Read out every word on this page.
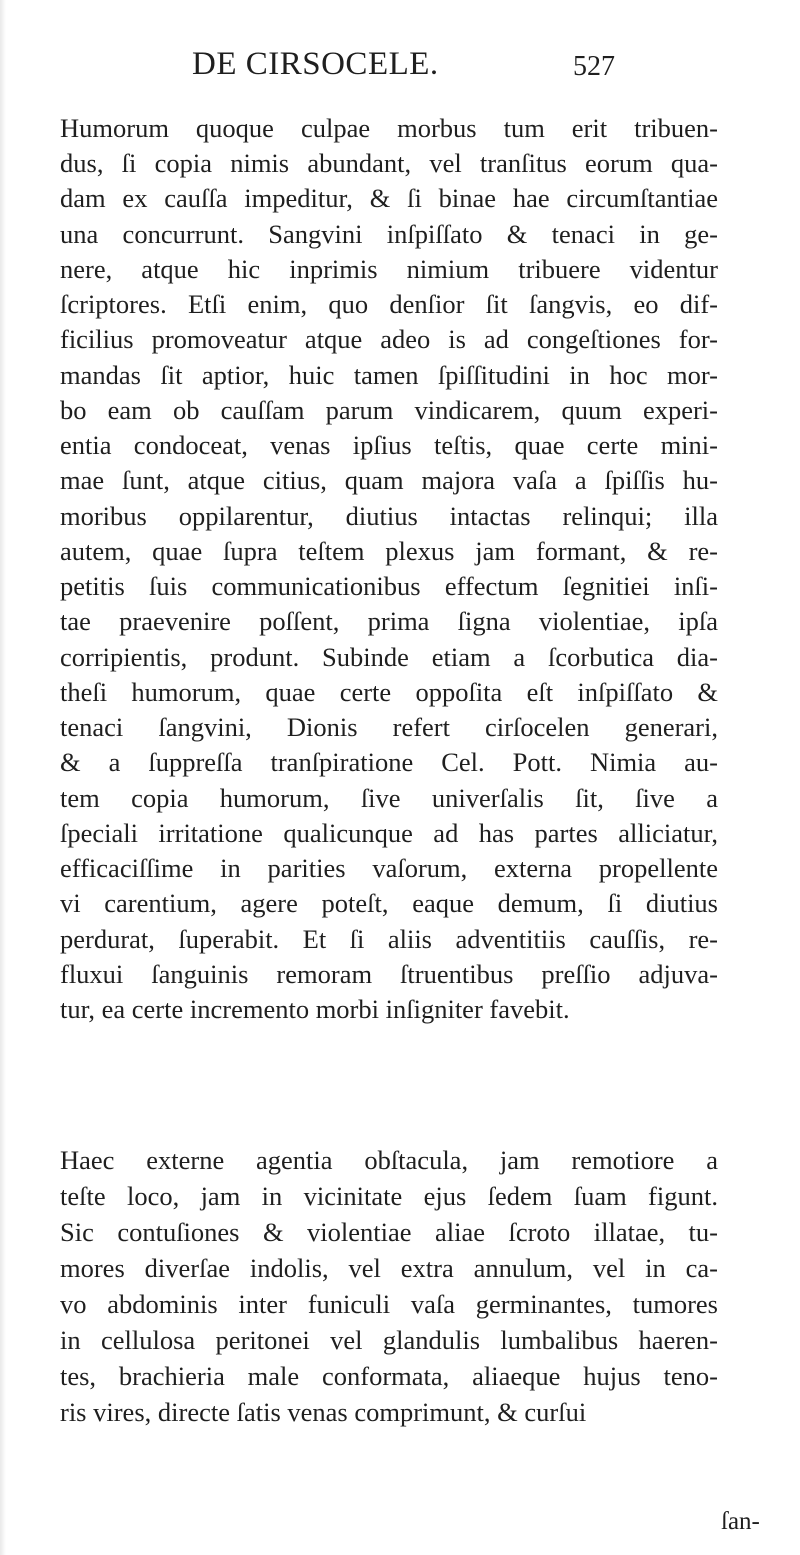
DE CIRSOCELE.	527
Humorum quoque culpae morbus tum erit tribuen-
dus, ſi copia nimis abundant, vel tranſitus eorum qua-
dam ex cauſſa impeditur, & ſi binae hae circumſtantiae
una concurrunt. Sangvini inſpiſſato & tenaci in ge-
nere, atque hic inprimis nimium tribuere videntur
ſcriptores. Etſi enim, quo denſior ſit ſangvis, eo dif-
ficilius promoveatur atque adeo is ad congeſtiones for-
mandas ſit aptior, huic tamen ſpiſſitudini in hoc mor-
bo eam ob cauſſam parum vindicarem, quum experi-
entia condoceat, venas ipſius teſtis, quae certe mini-
mae ſunt, atque citius, quam majora vaſa a ſpiſſis hu-
moribus oppilarentur, diutius intactas relinqui; illa
autem, quae ſupra teſtem plexus jam formant, & re-
petitis ſuis communicationibus effectum ſegnitiei inſi-
tae praevenire poſſent, prima ſigna violentiae, ipſa
corripientis, produnt. Subinde etiam a ſcorbutica dia-
theſi humorum, quae certe oppoſita eſt inſpiſſato &
tenaci ſangvini, Dionis refert cirſocelen generari,
& a ſuppreſſa tranſpiratione Cel. Pott. Nimia au-
tem copia humorum, ſive univerſalis ſit, ſive a
ſpeciali irritatione qualicunque ad has partes alliciatur,
efficaciſſime in parities vaſorum, externa propellente
vi carentium, agere poteſt, eaque demum, ſi diutius
perdurat, ſuperabit. Et ſi aliis adventitiis cauſſis, re-
fluxui ſanguinis remoram ſtruentibus preſſio adjuva-
tur, ea certe incremento morbi inſigniter favebit.
Haec externe agentia obſtacula, jam remotiore a
teſte loco, jam in vicinitate ejus ſedem ſuam figunt.
Sic contuſiones & violentiae aliae ſcroto illatae, tu-
mores diverſae indolis, vel extra annulum, vel in ca-
vo abdominis inter funiculi vaſa germinantes, tumores
in cellulosa peritonei vel glandulis lumbalibus haeren-
tes, brachieria male conformata, aliaeque hujus teno-
ris vires, directe ſatis venas comprimunt, & curſui
ſan-
